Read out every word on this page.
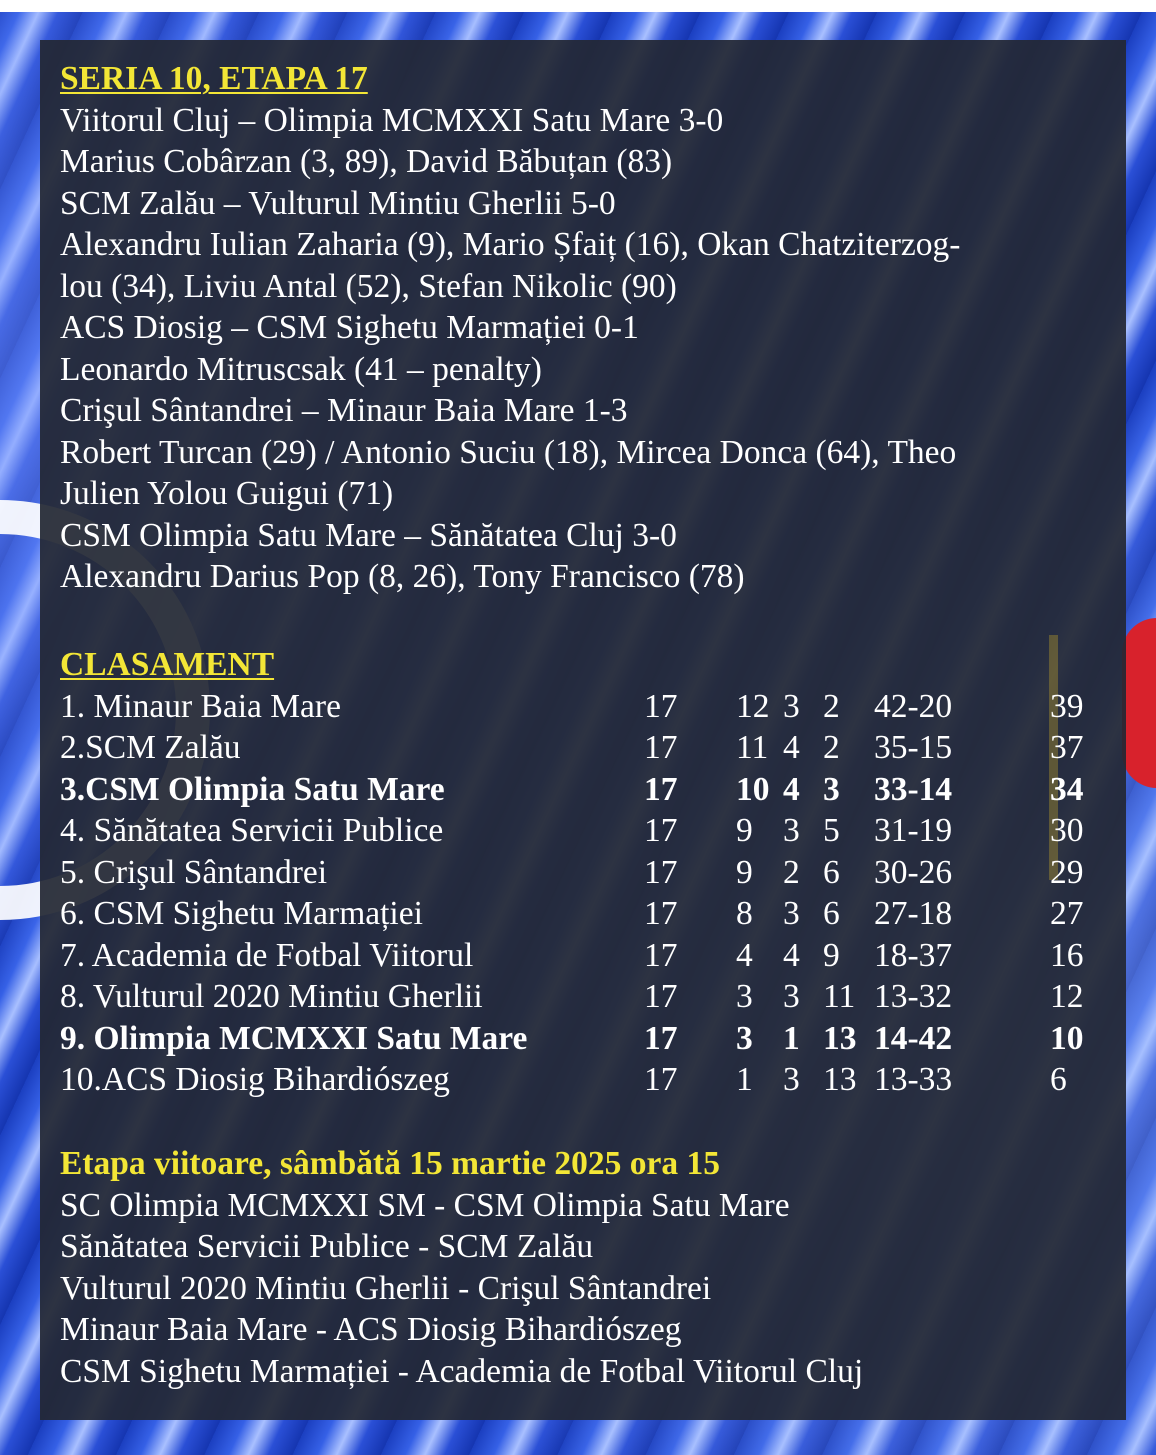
SERIA 10, ETAPA 17
Viitorul Cluj – Olimpia MCMXXI Satu Mare 3-0
Marius Cobârzan (3, 89), David Băbuțan (83)
SCM Zalău – Vulturul Mintiu Gherlii 5-0
Alexandru Iulian Zaharia (9), Mario Șfaiț (16), Okan Chatziterzog-
lou (34), Liviu Antal (52), Stefan Nikolic (90)
ACS Diosig – CSM Sighetu Marmației 0-1
Leonardo Mitruscsak (41 – penalty)
Crişul Sântandrei – Minaur Baia Mare 1-3
Robert Turcan (29) / Antonio Suciu (18), Mircea Donca (64), Theo
Julien Yolou Guigui (71)
CSM Olimpia Satu Mare – Sănătatea Cluj 3-0
Alexandru Darius Pop (8, 26), Tony Francisco (78)
CLASAMENT
1. Minaur Baia Mare	17 12 3 2 42-20	39
2.SCM Zalău	17 11 4 2 35-15	37
3.CSM Olimpia Satu Mare	17 10 4 3 33-14	34
4. Sănătatea Servicii Publice	17 9 3 5 31-19	30
5. Crişul Sântandrei	17 9 2 6 30-26	29
6. CSM Sighetu Marmației	17 8 3 6 27-18	27
7. Academia de Fotbal Viitorul	17 4 4 9 18-37	16
8. Vulturul 2020 Mintiu Gherlii	17 3 3 11 13-32	12
9. Olimpia MCMXXI Satu Mare	17 3 1 13 14-42	10
10.ACS Diosig Bihardiószeg	17 1 3 13 13-33	6
Etapa viitoare, sâmbătă 15 martie 2025 ora 15
SC Olimpia MCMXXI SM - CSM Olimpia Satu Mare
Sănătatea Servicii Publice - SCM Zalău
Vulturul 2020 Mintiu Gherlii - Crişul Sântandrei
Minaur Baia Mare - ACS Diosig Bihardiószeg
CSM Sighetu Marmației - Academia de Fotbal Viitorul Cluj
